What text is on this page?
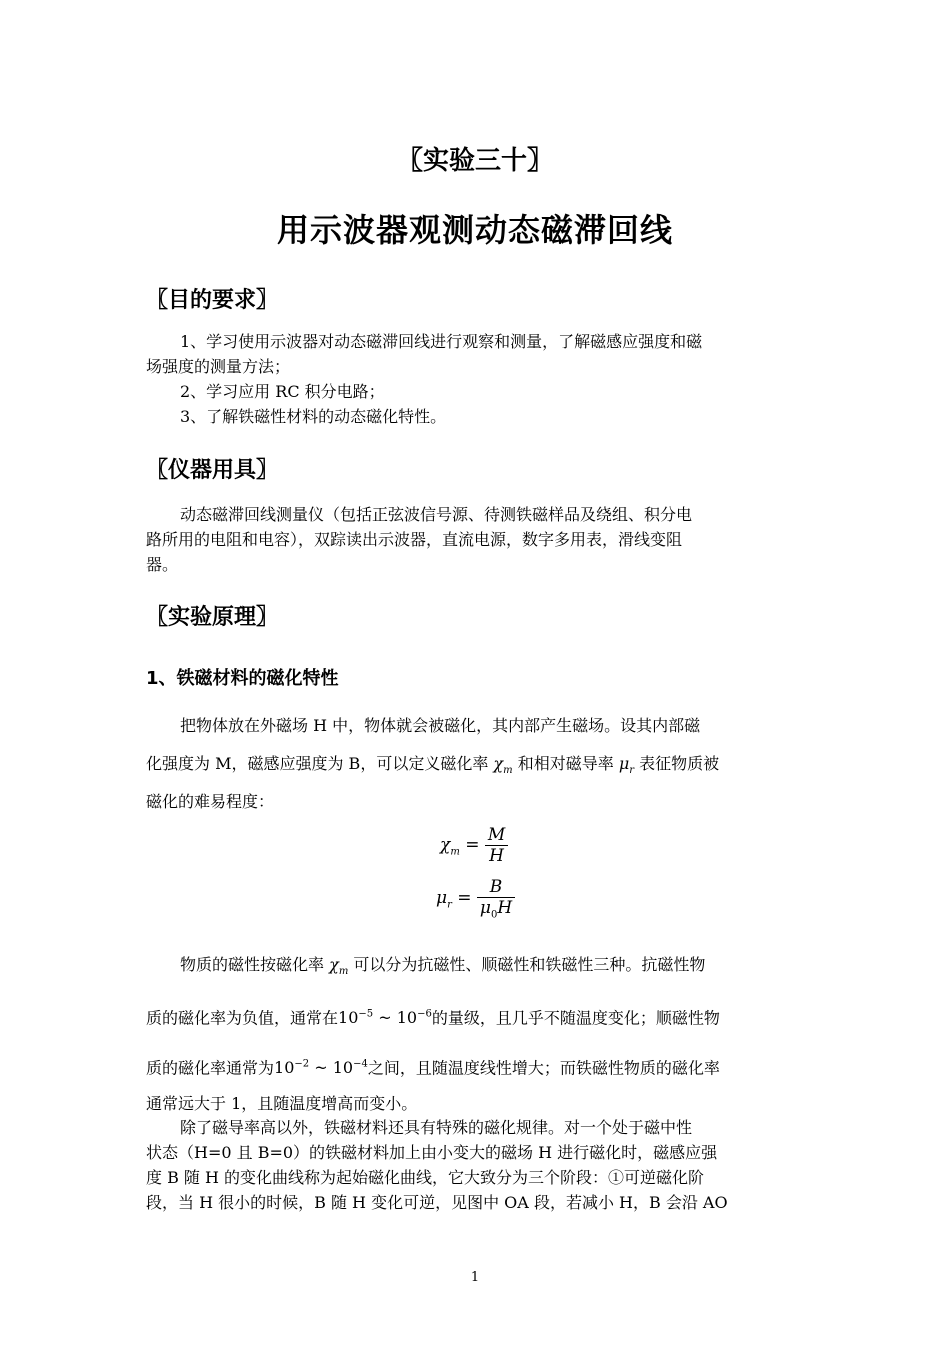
〖实验三十〗
用示波器观测动态磁滞回线
〖目的要求〗
1、学习使用示波器对动态磁滞回线进行观察和测量，了解磁感应强度和磁
场强度的测量方法；
2、学习应用 RC 积分电路；
3、了解铁磁性材料的动态磁化特性。
〖仪器用具〗
动态磁滞回线测量仪（包括正弦波信号源、待测铁磁样品及绕组、积分电
路所用的电阻和电容），双踪读出示波器，直流电源，数字多用表，滑线变阻
器。
〖实验原理〗
1、铁磁材料的磁化特性
把物体放在外磁场 H 中，物体就会被磁化，其内部产生磁场。设其内部磁
化强度为 M，磁感应强度为 B，可以定义磁化率 $\chi_m$ 和相对磁导率 $\mu_r$ 表征物质被
磁化的难易程度：
$\chi_m = \frac{M}{H}$
$\mu_r = \frac{B}{\mu_0H}$
物质的磁性按磁化率 $\chi_m$ 可以分为抗磁性、顺磁性和铁磁性三种。抗磁性物
质的磁化率为负值，通常在$10^{-5}$ ~ $10^{-6}$的量级，且几乎不随温度变化；顺磁性物
质的磁化率通常为$10^{-2}$ ~ $10^{-4}$之间，且随温度线性增大；而铁磁性物质的磁化率
通常远大于 1，且随温度增高而变小。
除了磁导率高以外，铁磁材料还具有特殊的磁化规律。对一个处于磁中性
状态（H=0 且 B=0）的铁磁材料加上由小变大的磁场 H 进行磁化时，磁感应强
度 B 随 H 的变化曲线称为起始磁化曲线，它大致分为三个阶段：①可逆磁化阶
段，当 H 很小的时候，B 随 H 变化可逆，见图中 OA 段，若减小 H，B 会沿 AO
1
